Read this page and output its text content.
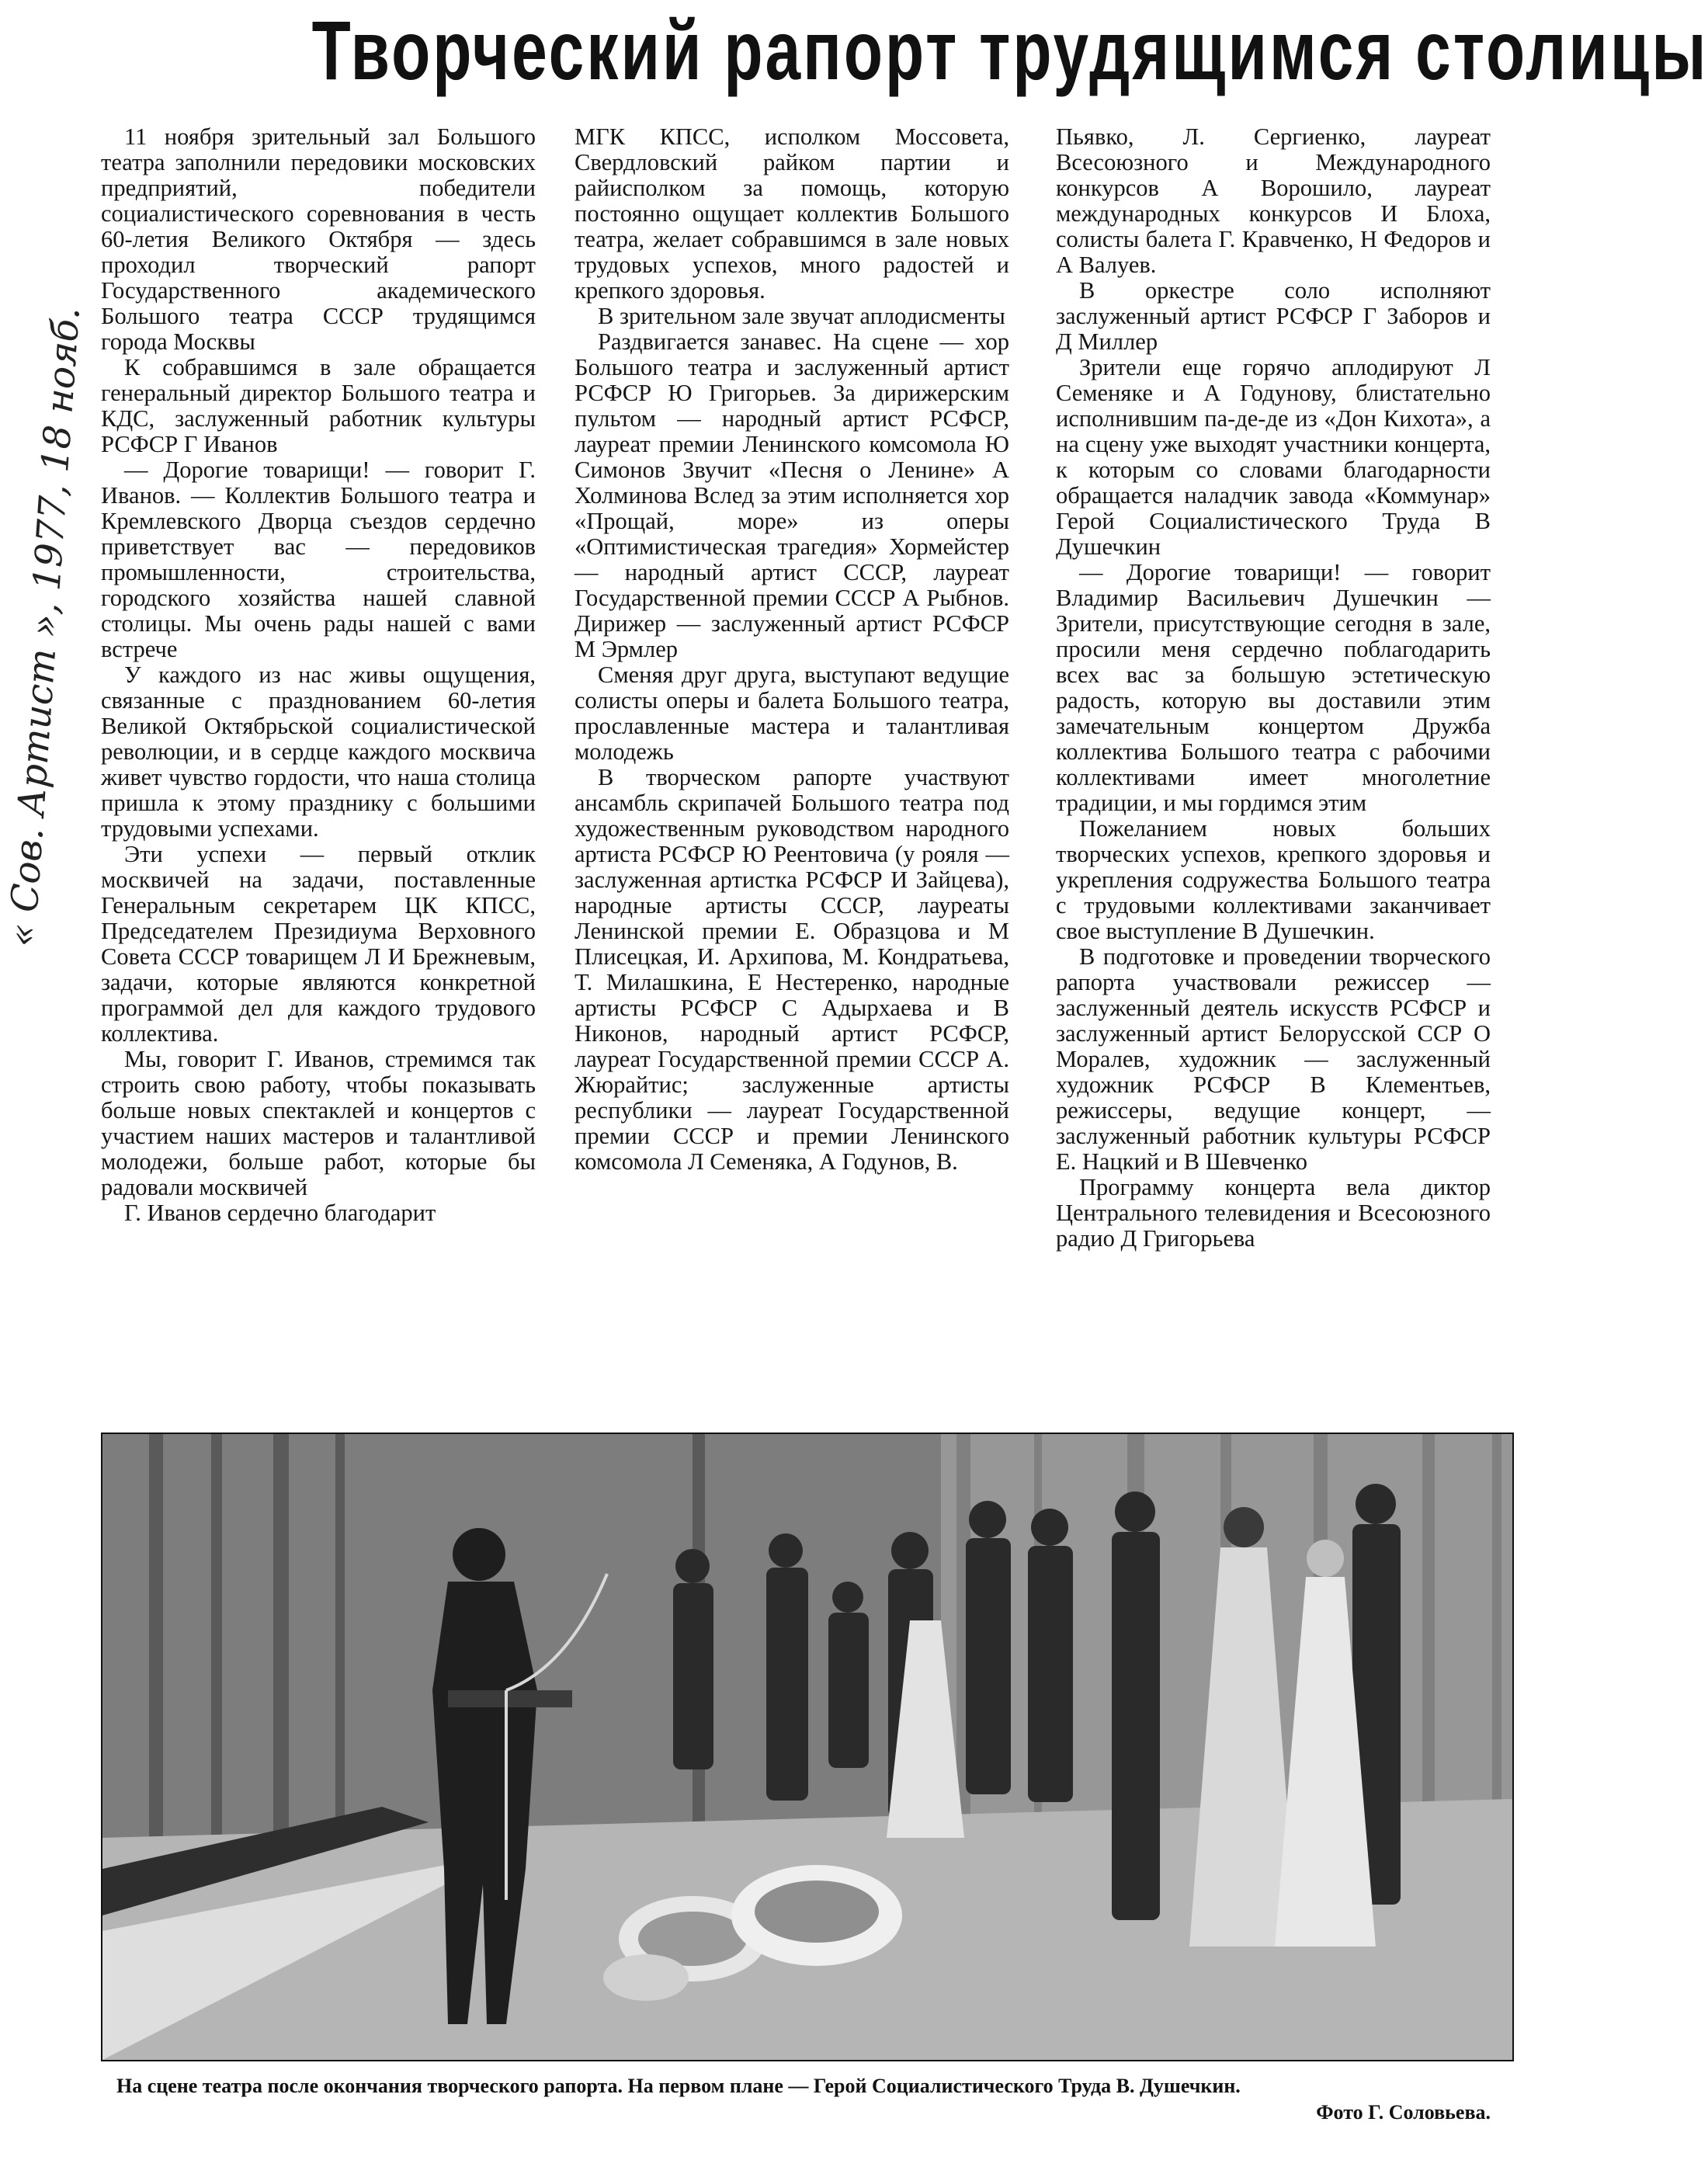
Творческий рапорт трудящимся столицы
« Сов. Артист », 1977, 18 нояб.

11 ноября зрительный зал Большого театра заполнили передовики московских предприятий, победители социалистического соревнования в честь 60-летия Великого Октября — здесь проходил творческий рапорт Государственного академического Большого театра СССР трудящимся города Москвы

К собравшимся в зале обращается генеральный директор Большого театра и КДС, заслуженный работник культуры РСФСР Г Иванов

— Дорогие товарищи! — говорит Г. Иванов. — Коллектив Большого театра и Кремлевского Дворца съездов сердечно приветствует вас — передовиков промышленности, строительства, городского хозяйства нашей славной столицы. Мы очень рады нашей с вами встрече

У каждого из нас живы ощущения, связанные с празднованием 60-летия Великой Октябрьской социалистической революции, и в сердце каждого москвича живет чувство гордости, что наша столица пришла к этому празднику с большими трудовыми успехами.

Эти успехи — первый отклик москвичей на задачи, поставленные Генеральным секретарем ЦК КПСС, Председателем Президиума Верховного Совета СССР товарищем Л И Брежневым, задачи, которые являются конкретной программой дел для каждого трудового коллектива.

Мы, говорит Г. Иванов, стремимся так строить свою работу, чтобы показывать больше новых спектаклей и концертов с участием наших мастеров и талантливой молодежи, больше работ, которые бы радовали москвичей

Г. Иванов сердечно благодарит

МГК КПСС, исполком Моссовета, Свердловский райком партии и райисполком за помощь, которую постоянно ощущает коллектив Большого театра, желает собравшимся в зале новых трудовых успехов, много радостей и крепкого здоровья.

В зрительном зале звучат аплодисменты

Раздвигается занавес. На сцене — хор Большого театра и заслуженный артист РСФСР Ю Григорьев. За дирижерским пультом — народный артист РСФСР, лауреат премии Ленинского комсомола Ю Симонов Звучит «Песня о Ленине» А Холминова Вслед за этим исполняется хор «Прощай, море» из оперы «Оптимистическая трагедия» Хормейстер — народный артист СССР, лауреат Государственной премии СССР А Рыбнов. Дирижер — заслуженный артист РСФСР М Эрмлер

Сменяя друг друга, выступают ведущие солисты оперы и балета Большого театра, прославленные мастера и талантливая молодежь

В творческом рапорте участвуют ансамбль скрипачей Большого театра под художественным руководством народного артиста РСФСР Ю Реентовича (у рояля — заслуженная артистка РСФСР И Зайцева), народные артисты СССР, лауреаты Ленинской премии Е. Образцова и М Плисецкая, И. Архипова, М. Кондратьева, Т. Милашкина, Е Нестеренко, народные артисты РСФСР С Адырхаева и В Никонов, народный артист РСФСР, лауреат Государственной премии СССР А. Жюрайтис; заслуженные артисты республики — лауреат Государственной премии СССР и премии Ленинского комсомола Л Семеняка, А Годунов, В.

Пьявко, Л. Сергиенко, лауреат Всесоюзного и Международного конкурсов А Ворошило, лауреат международных конкурсов И Блоха, солисты балета Г. Кравченко, Н Федоров и А Валуев.

В оркестре соло исполняют заслуженный артист РСФСР Г Заборов и Д Миллер

Зрители еще горячо аплодируют Л Семеняке и А Годунову, блистательно исполнившим па-де-де из «Дон Кихота», а на сцену уже выходят участники концерта, к которым со словами благодарности обращается наладчик завода «Коммунар» Герой Социалистического Труда В Душечкин

— Дорогие товарищи! — говорит Владимир Васильевич Душечкин — Зрители, присутствующие сегодня в зале, просили меня сердечно поблагодарить всех вас за большую эстетическую радость, которую вы доставили этим замечательным концертом Дружба коллектива Большого театра с рабочими коллективами имеет многолетние традиции, и мы гордимся этим

Пожеланием новых больших творческих успехов, крепкого здоровья и укрепления содружества Большого театра с трудовыми коллективами заканчивает свое выступление В Душечкин.

В подготовке и проведении творческого рапорта участвовали режиссер — заслуженный деятель искусств РСФСР и заслуженный артист Белорусской ССР О Моралев, художник — заслуженный художник РСФСР В Клементьев, режиссеры, ведущие концерт, — заслуженный работник культуры РСФСР Е. Нацкий и В Шевченко

Программу концерта вела диктор Центрального телевидения и Всесоюзного радио Д Григорьева

На сцене театра после окончания творческого рапорта. На первом плане — Герой Социалистического Труда В. Душечкин.
Фото Г. Соловьева.
